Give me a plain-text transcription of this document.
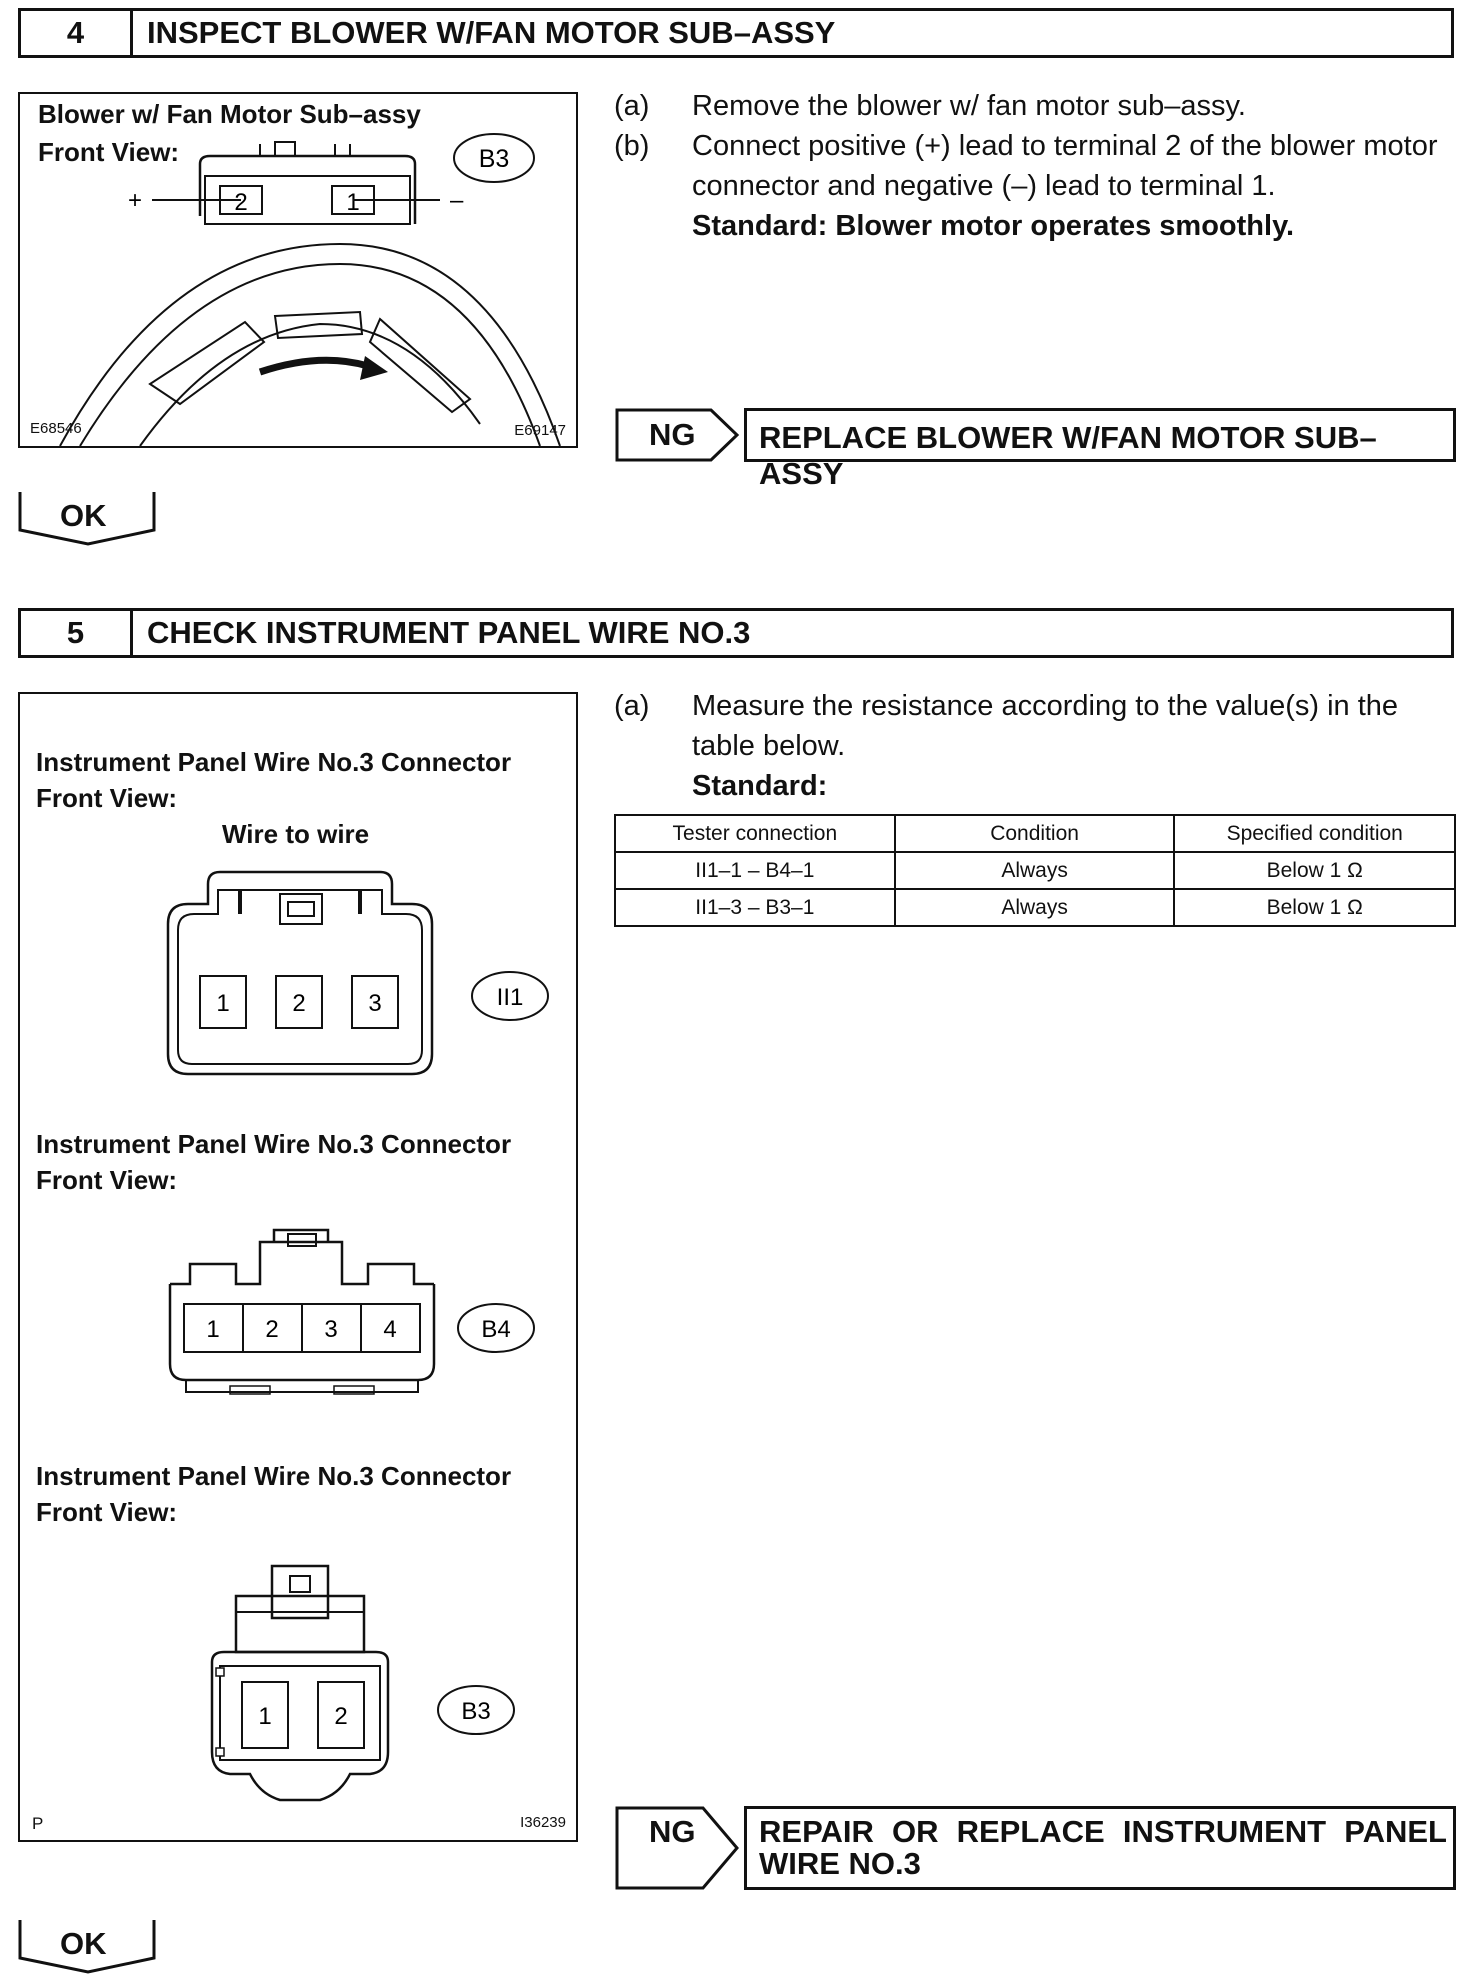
4	INSPECT BLOWER W/FAN MOTOR SUB–ASSY
Blower w/ Fan Motor Sub–assy
Front View:
2	1
+	–
B3
E68546	E69147
(a) Remove the blower w/ fan motor sub–assy.
(b) Connect positive (+) lead to terminal 2 of the blower motor
connector and negative (–) lead to terminal 1.
Standard: Blower motor operates smoothly.
NG REPLACE BLOWER W/FAN MOTOR SUB–ASSY
OK
5	CHECK INSTRUMENT PANEL WIRE NO.3
Instrument Panel Wire No.3 Connector
Front View:
Wire to wire
1	2	3	II1
Instrument Panel Wire No.3 Connector
Front View:
1 2 3 4	B4
Instrument Panel Wire No.3 Connector
Front View:
1	2	B3
P	I36239
(a) Measure the resistance according to the value(s) in the
table below.
Standard:
Tester connection	Condition	Specified condition
II1–1 – B4–1	Always	Below 1 Ω
II1–3 – B3–1	Always	Below 1 Ω
NG REPAIR OR REPLACE INSTRUMENT PANEL
WIRE NO.3
OK
